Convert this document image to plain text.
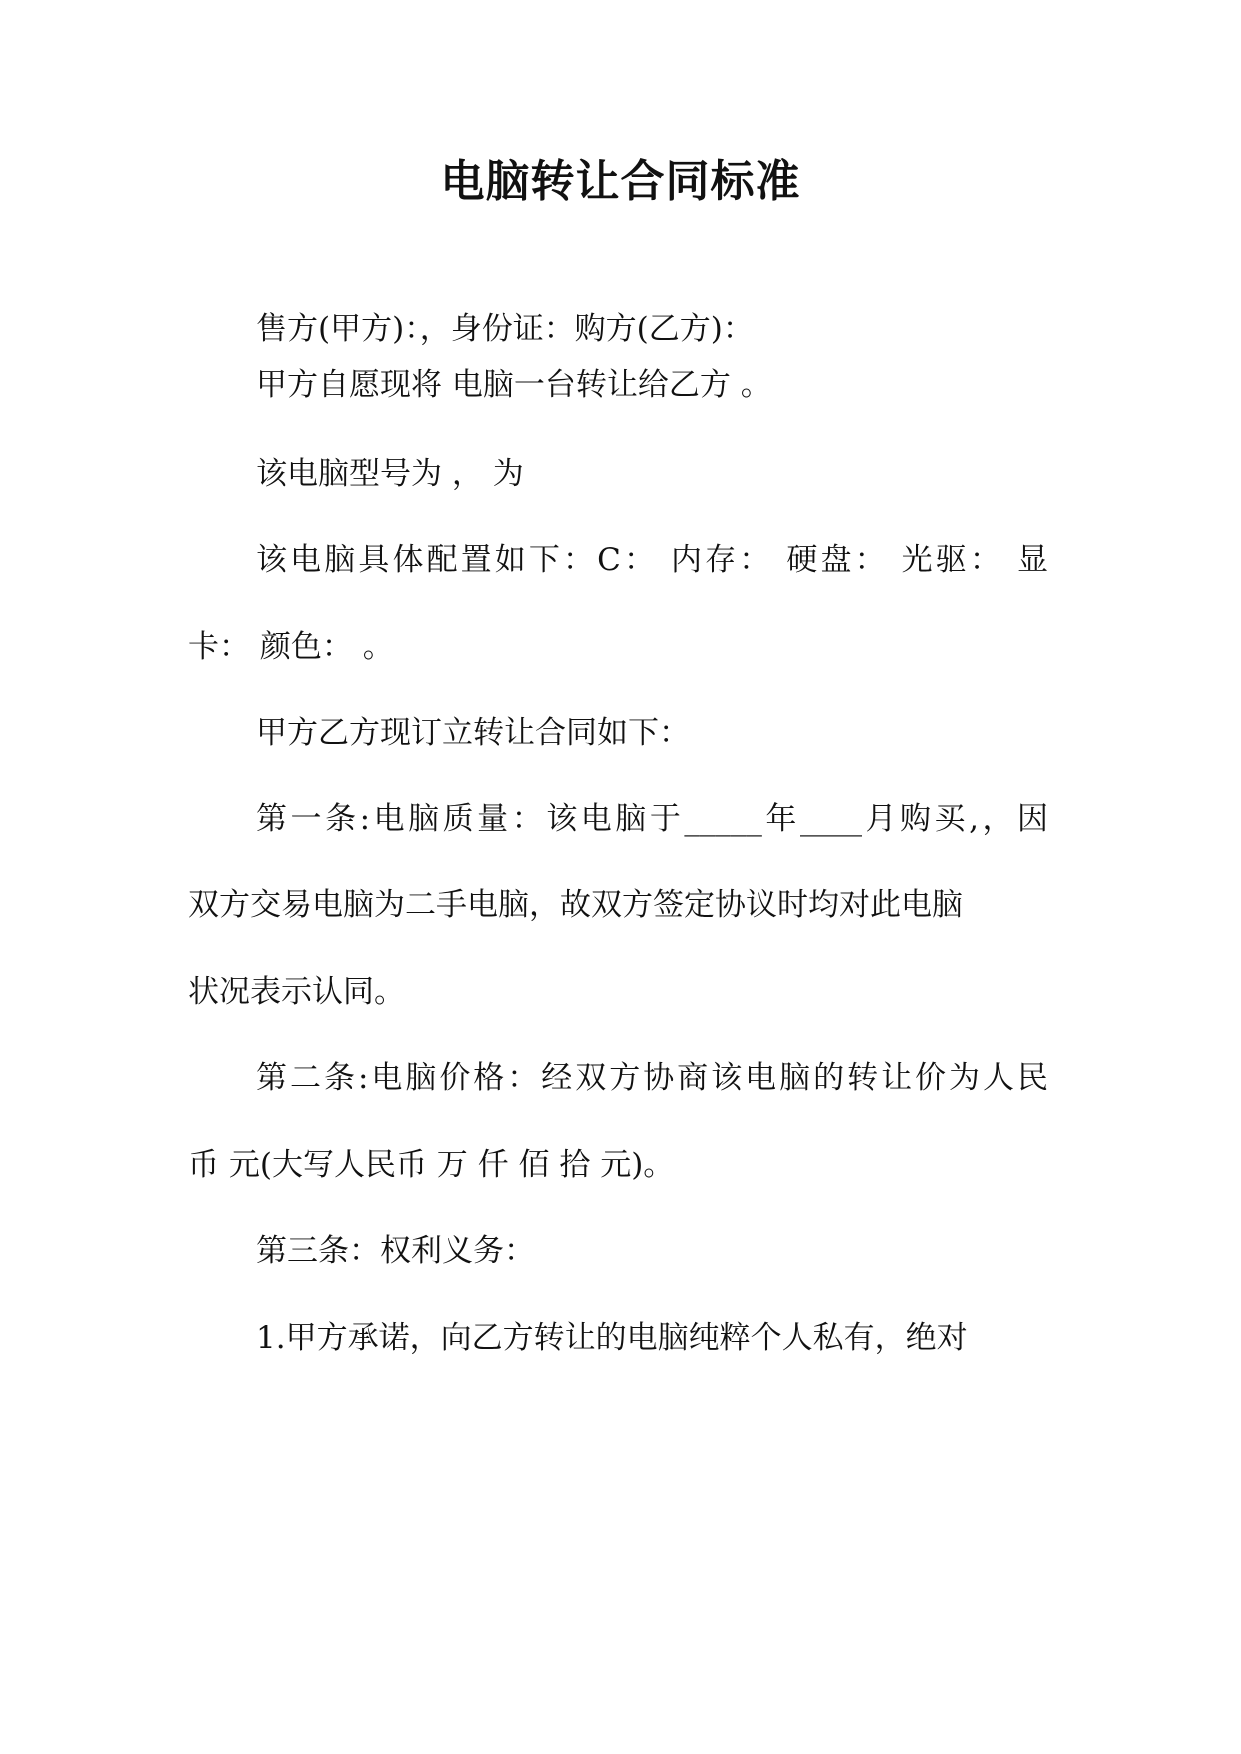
电脑转让合同标准
售方(甲方)：，身份证：购方(乙方)：
甲方自愿现将 电脑一台转让给乙方 。
该电脑型号为 ， 为
该电脑具体配置如下：C： 内存： 硬盘： 光驱： 显
卡： 颜色： 。
甲方乙方现订立转让合同如下：
第一条:电脑质量：该电脑于_____年____月购买,，因
双方交易电脑为二手电脑，故双方签定协议时均对此电脑
状况表示认同。
第二条:电脑价格：经双方协商该电脑的转让价为人民
币 元(大写人民币 万 仟 佰 拾 元)。
第三条：权利义务：
1.甲方承诺，向乙方转让的电脑纯粹个人私有，绝对
